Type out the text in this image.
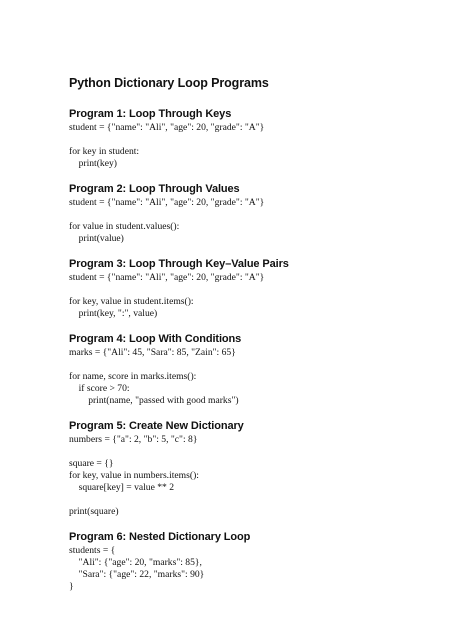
Python Dictionary Loop Programs
Program 1: Loop Through Keys
student = {"name": "Ali", "age": 20, "grade": "A"}
for key in student:
print(key)
Program 2: Loop Through Values
student = {"name": "Ali", "age": 20, "grade": "A"}
for value in student.values():
print(value)
Program 3: Loop Through Key–Value Pairs
student = {"name": "Ali", "age": 20, "grade": "A"}
for key, value in student.items():
print(key, ":", value)
Program 4: Loop With Conditions
marks = {"Ali": 45, "Sara": 85, "Zain": 65}
for name, score in marks.items():
if score > 70:
print(name, "passed with good marks")
Program 5: Create New Dictionary
numbers = {"a": 2, "b": 5, "c": 8}
square = {}
for key, value in numbers.items():
square[key] = value ** 2
print(square)
Program 6: Nested Dictionary Loop
students = {
"Ali": {"age": 20, "marks": 85},
"Sara": {"age": 22, "marks": 90}
}
